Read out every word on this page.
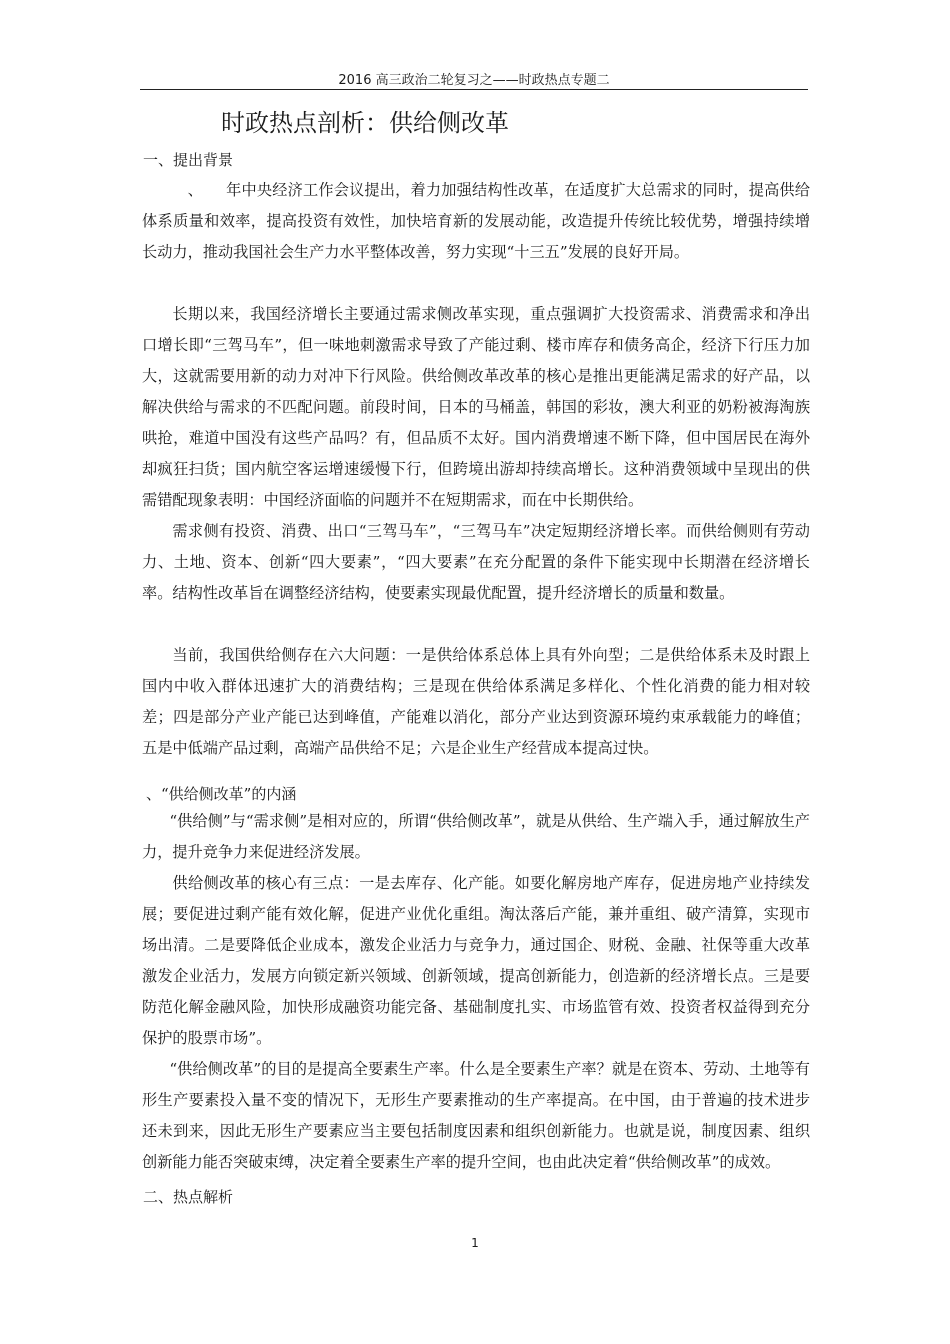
2016 高三政治二轮复习之——时政热点专题二
时政热点剖析：供给侧改革
一、提出背景
、　　年中央经济工作会议提出，着力加强结构性改革，在适度扩大总需求的同时，提高供给体系质量和效率，提高投资有效性，加快培育新的发展动能，改造提升传统比较优势，增强持续增长动力，推动我国社会生产力水平整体改善，努力实现“十三五”发展的良好开局。
长期以来，我国经济增长主要通过需求侧改革实现，重点强调扩大投资需求、消费需求和净出口增长即“三驾马车”，但一味地刺激需求导致了产能过剩、楼市库存和债务高企，经济下行压力加大，这就需要用新的动力对冲下行风险。供给侧改革改革的核心是推出更能满足需求的好产品，以解决供给与需求的不匹配问题。前段时间，日本的马桶盖，韩国的彩妆，澳大利亚的奶粉被海淘族哄抢，难道中国没有这些产品吗？有，但品质不太好。国内消费增速不断下降，但中国居民在海外却疯狂扫货；国内航空客运增速缓慢下行，但跨境出游却持续高增长。这种消费领域中呈现出的供需错配现象表明：中国经济面临的问题并不在短期需求，而在中长期供给。
需求侧有投资、消费、出口“三驾马车”，“三驾马车”决定短期经济增长率。而供给侧则有劳动力、土地、资本、创新“四大要素”，“四大要素”在充分配置的条件下能实现中长期潜在经济增长率。结构性改革旨在调整经济结构，使要素实现最优配置，提升经济增长的质量和数量。
当前，我国供给侧存在六大问题：一是供给体系总体上具有外向型；二是供给体系未及时跟上国内中收入群体迅速扩大的消费结构；三是现在供给体系满足多样化、个性化消费的能力相对较差；四是部分产业产能已达到峰值，产能难以消化，部分产业达到资源环境约束承载能力的峰值；五是中低端产品过剩，高端产品供给不足；六是企业生产经营成本提高过快。
、“供给侧改革”的内涵
“供给侧”与“需求侧”是相对应的，所谓“供给侧改革”，就是从供给、生产端入手，通过解放生产力，提升竞争力来促进经济发展。
供给侧改革的核心有三点：一是去库存、化产能。如要化解房地产库存，促进房地产业持续发展；要促进过剩产能有效化解，促进产业优化重组。淘汰落后产能，兼并重组、破产清算，实现市场出清。二是要降低企业成本，激发企业活力与竞争力，通过国企、财税、金融、社保等重大改革激发企业活力，发展方向锁定新兴领域、创新领域，提高创新能力，创造新的经济增长点。三是要防范化解金融风险，加快形成融资功能完备、基础制度扎实、市场监管有效、投资者权益得到充分保护的股票市场”。
“供给侧改革”的目的是提高全要素生产率。什么是全要素生产率？就是在资本、劳动、土地等有形生产要素投入量不变的情况下，无形生产要素推动的生产率提高。在中国，由于普遍的技术进步还未到来，因此无形生产要素应当主要包括制度因素和组织创新能力。也就是说，制度因素、组织创新能力能否突破束缚，决定着全要素生产率的提升空间，也由此决定着“供给侧改革”的成效。
二、热点解析
1
